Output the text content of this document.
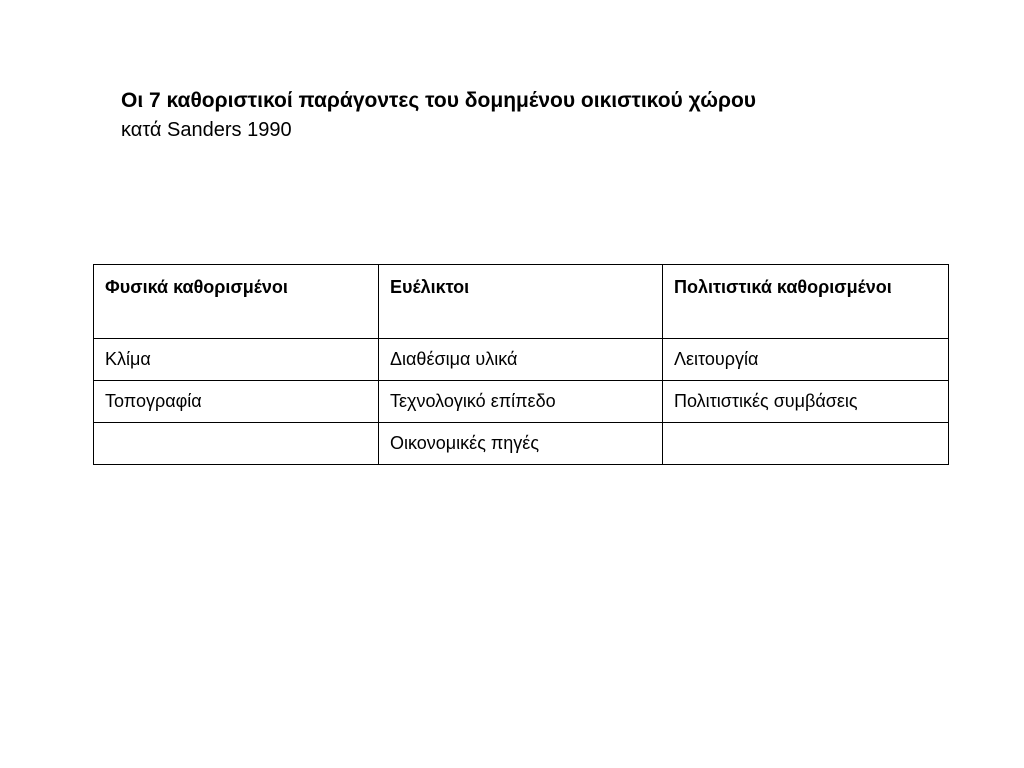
Οι 7 καθοριστικοί παράγοντες του δομημένου οικιστικού χώρου
κατά Sanders 1990
Φυσικά καθορισμένοι	Ευέλικτοι	Πολιτιστικά καθορισμένοι
Κλίμα	Διαθέσιμα υλικά	Λειτουργία
Τοπογραφία	Τεχνολογικό επίπεδο	Πολιτιστικές συμβάσεις
	Οικονομικές πηγές	
